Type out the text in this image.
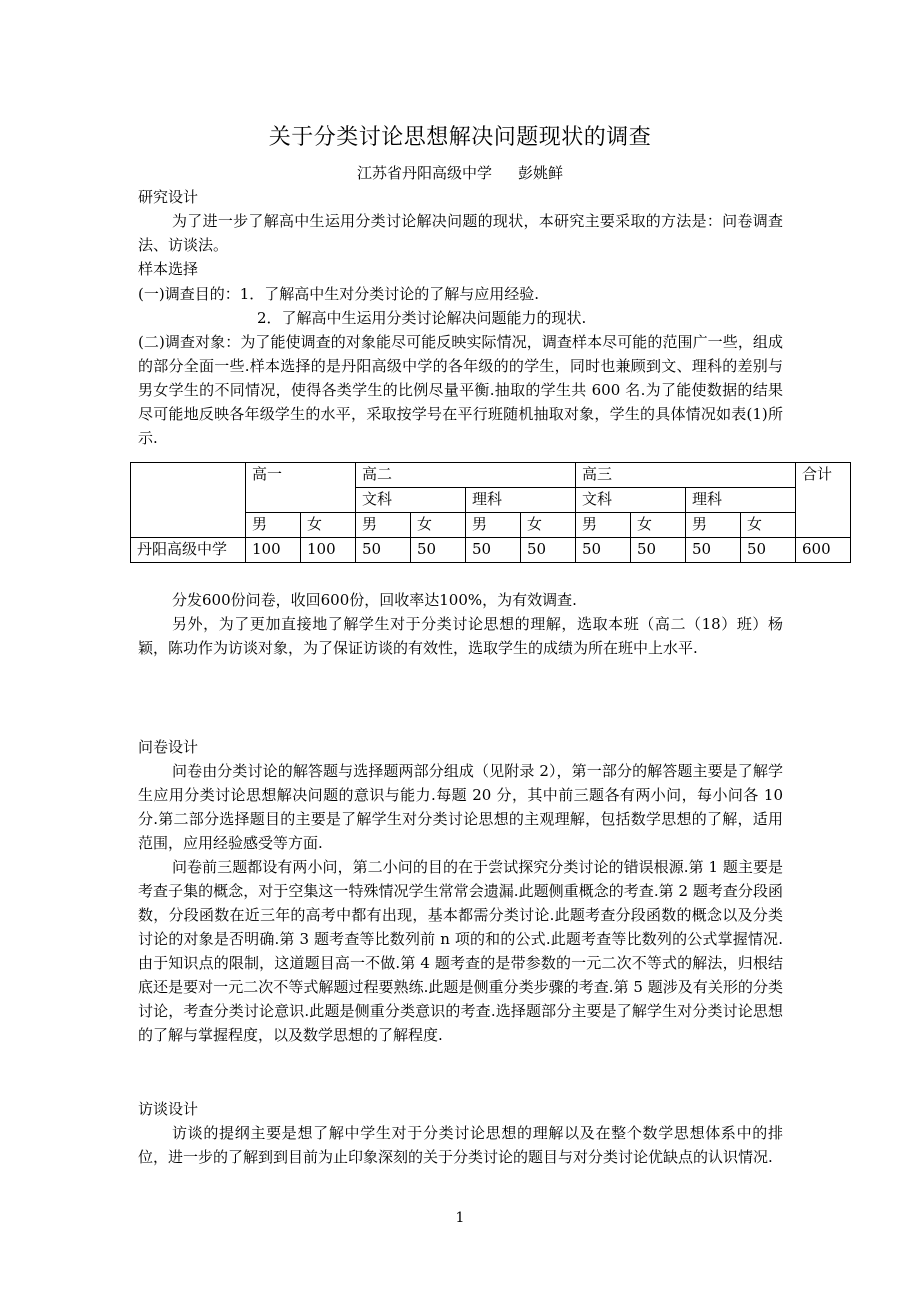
关于分类讨论思想解决问题现状的调查
江苏省丹阳高级中学 彭姚鲜
研究设计
为了进一步了解高中生运用分类讨论解决问题的现状，本研究主要采取的方法是：问卷调查法、访谈法。
样本选择
(一)调查目的：1．了解高中生对分类讨论的了解与应用经验.
2．了解高中生运用分类讨论解决问题能力的现状.
(二)调查对象：为了能使调查的对象能尽可能反映实际情况，调查样本尽可能的范围广一些，组成的部分全面一些.样本选择的是丹阳高级中学的各年级的的学生，同时也兼顾到文、理科的差别与男女学生的不同情况，使得各类学生的比例尽量平衡.抽取的学生共 600 名.为了能使数据的结果尽可能地反映各年级学生的水平，采取按学号在平行班随机抽取对象，学生的具体情况如表(1)所示.
	高一		高二				高三				合计
			文科		理科		文科		理科		
	男	女	男	女	男	女	男	女	男	女	
丹阳高级中学	100	100	50	50	50	50	50	50	50	50	600
分发600份问卷，收回600份，回收率达100%，为有效调查.
另外，为了更加直接地了解学生对于分类讨论思想的理解，选取本班（高二（18）班）杨颖，陈功作为访谈对象，为了保证访谈的有效性，选取学生的成绩为所在班中上水平.
问卷设计
问卷由分类讨论的解答题与选择题两部分组成（见附录 2），第一部分的解答题主要是了解学生应用分类讨论思想解决问题的意识与能力.每题 20 分，其中前三题各有两小问，每小问各 10 分.第二部分选择题目的主要是了解学生对分类讨论思想的主观理解，包括数学思想的了解，适用范围，应用经验感受等方面.
问卷前三题都设有两小问，第二小问的目的在于尝试探究分类讨论的错误根源.第 1 题主要是考查子集的概念，对于空集这一特殊情况学生常常会遗漏.此题侧重概念的考查.第 2 题考查分段函数，分段函数在近三年的高考中都有出现，基本都需分类讨论.此题考查分段函数的概念以及分类讨论的对象是否明确.第 3 题考查等比数列前 n 项的和的公式.此题考查等比数列的公式掌握情况.由于知识点的限制，这道题目高一不做.第 4 题考查的是带参数的一元二次不等式的解法，归根结底还是要对一元二次不等式解题过程要熟练.此题是侧重分类步骤的考查.第 5 题涉及有关形的分类讨论，考查分类讨论意识.此题是侧重分类意识的考查.选择题部分主要是了解学生对分类讨论思想的了解与掌握程度，以及数学思想的了解程度.
访谈设计
访谈的提纲主要是想了解中学生对于分类讨论思想的理解以及在整个数学思想体系中的排位，进一步的了解到到目前为止印象深刻的关于分类讨论的题目与对分类讨论优缺点的认识情况.
1
